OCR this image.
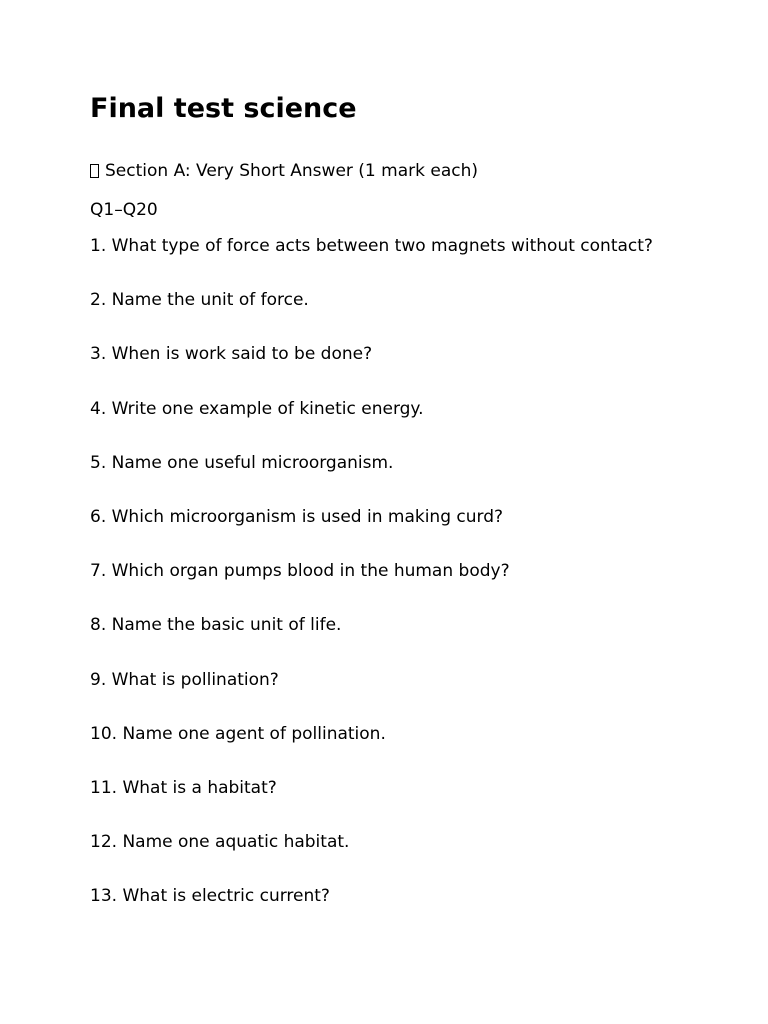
Final test science
Section A: Very Short Answer (1 mark each)
Q1–Q20
1. What type of force acts between two magnets without contact?
2. Name the unit of force.
3. When is work said to be done?
4. Write one example of kinetic energy.
5. Name one useful microorganism.
6. Which microorganism is used in making curd?
7. Which organ pumps blood in the human body?
8. Name the basic unit of life.
9. What is pollination?
10. Name one agent of pollination.
11. What is a habitat?
12. Name one aquatic habitat.
13. What is electric current?
